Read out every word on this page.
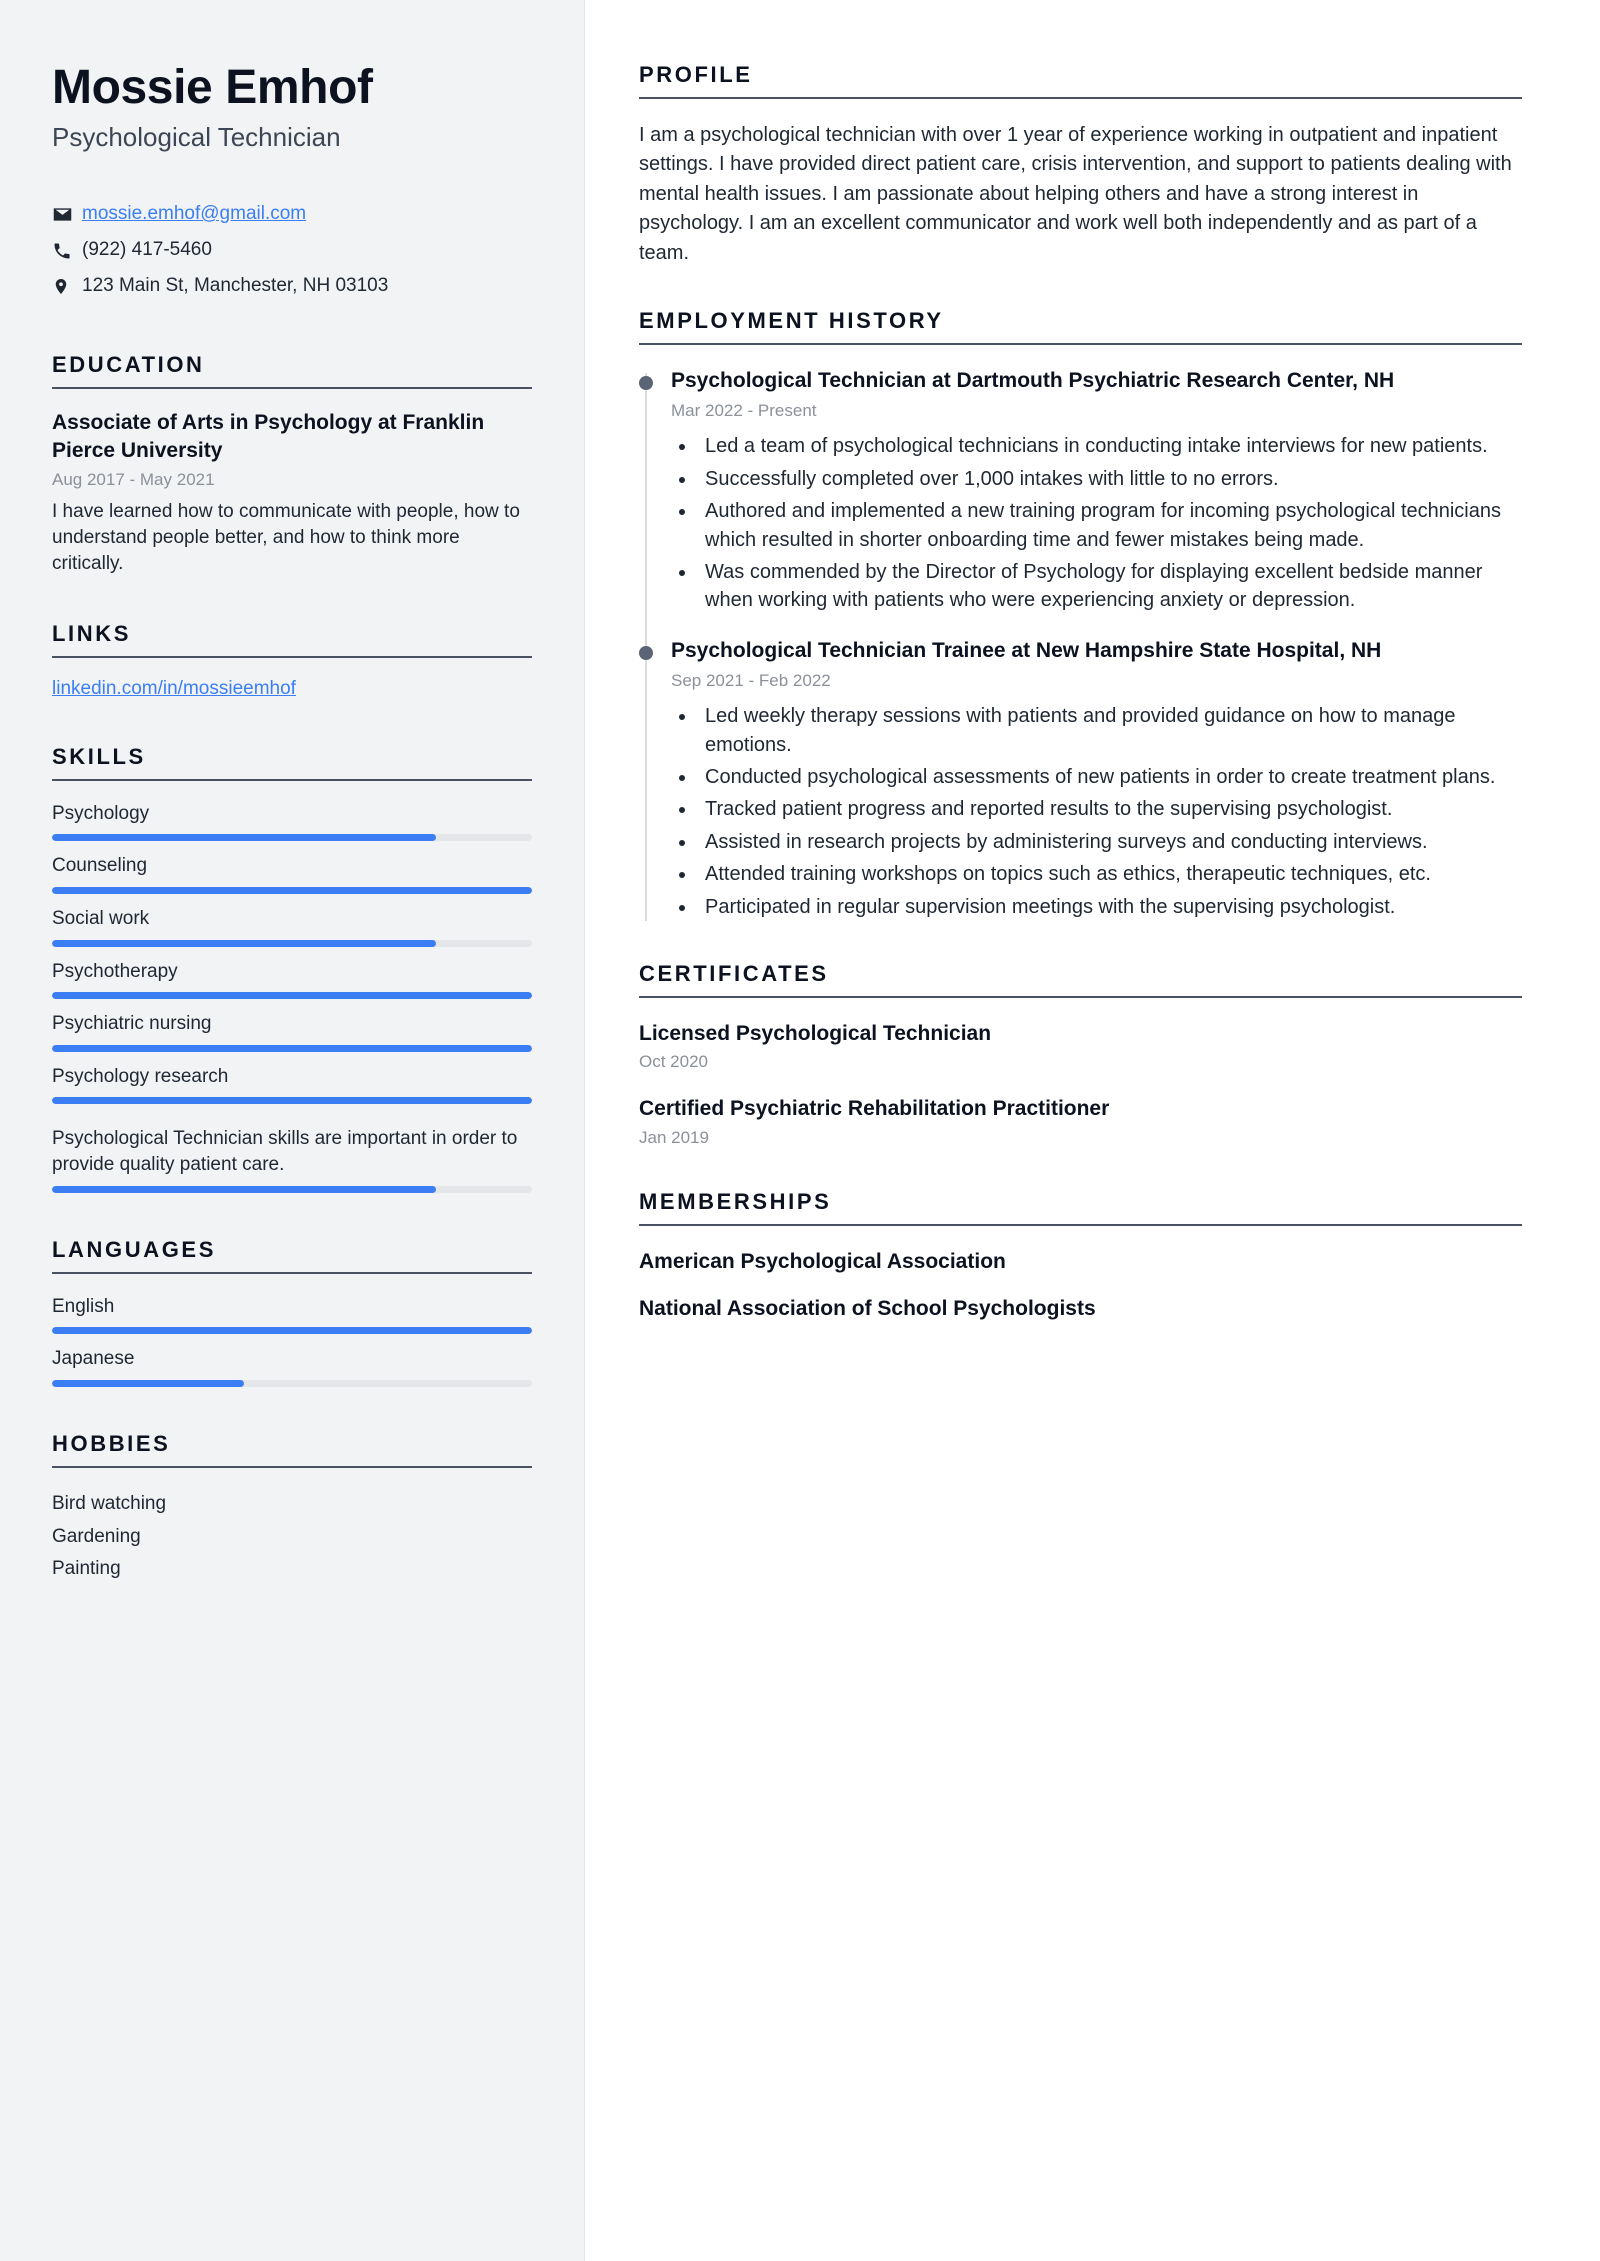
Mossie Emhof
Psychological Technician
mossie.emhof@gmail.com
(922) 417-5460
123 Main St, Manchester, NH 03103
EDUCATION
Associate of Arts in Psychology at Franklin Pierce University
Aug 2017 - May 2021
I have learned how to communicate with people, how to understand people better, and how to think more critically.
LINKS
linkedin.com/in/mossieemhof
SKILLS
Psychology
Counseling
Social work
Psychotherapy
Psychiatric nursing
Psychology research
Psychological Technician skills are important in order to provide quality patient care.
LANGUAGES
English
Japanese
HOBBIES
Bird watching
Gardening
Painting
PROFILE

I am a psychological technician with over 1 year of experience working in outpatient and inpatient settings. I have provided direct patient care, crisis intervention, and support to patients dealing with mental health issues. I am passionate about helping others and have a strong interest in psychology. I am an excellent communicator and work well both independently and as part of a team.

EMPLOYMENT HISTORY
Psychological Technician at Dartmouth Psychiatric Research Center, NH
Mar 2022 - Present
• Led a team of psychological technicians in conducting intake interviews for new patients.
• Successfully completed over 1,000 intakes with little to no errors.
• Authored and implemented a new training program for incoming psychological technicians which resulted in shorter onboarding time and fewer mistakes being made.
• Was commended by the Director of Psychology for displaying excellent bedside manner when working with patients who were experiencing anxiety or depression.
Psychological Technician Trainee at New Hampshire State Hospital, NH
Sep 2021 - Feb 2022
• Led weekly therapy sessions with patients and provided guidance on how to manage emotions.
• Conducted psychological assessments of new patients in order to create treatment plans.
• Tracked patient progress and reported results to the supervising psychologist.
• Assisted in research projects by administering surveys and conducting interviews.
• Attended training workshops on topics such as ethics, therapeutic techniques, etc.
• Participated in regular supervision meetings with the supervising psychologist.
CERTIFICATES
Licensed Psychological Technician
Oct 2020
Certified Psychiatric Rehabilitation Practitioner
Jan 2019
MEMBERSHIPS
American Psychological Association
National Association of School Psychologists
